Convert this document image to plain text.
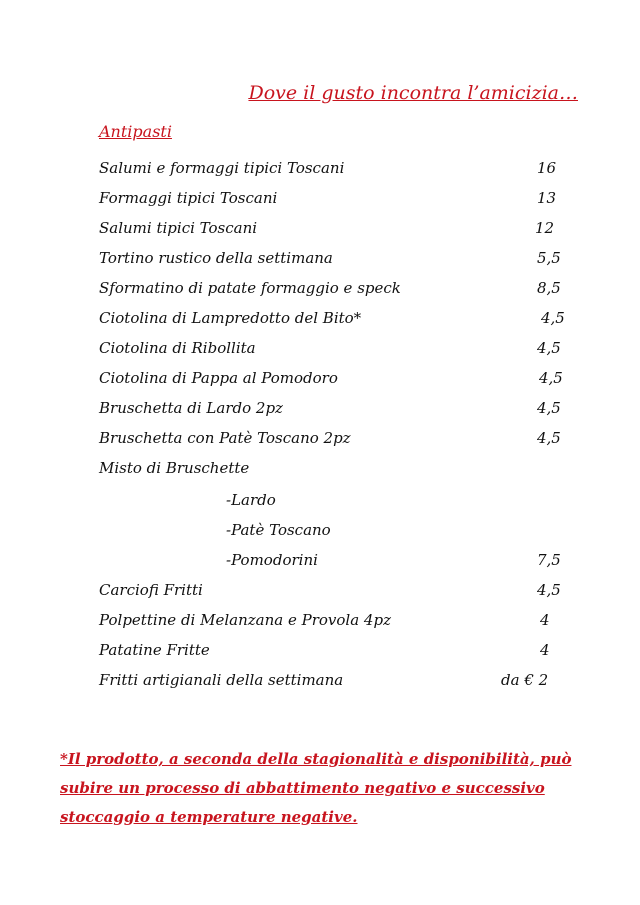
Dove il gusto incontra l’amicizia…
Antipasti
Salumi e formaggi tipici Toscani	16
Formaggi tipici Toscani	13
Salumi tipici Toscani	12
Tortino rustico della settimana	5,5
Sformatino di patate formaggio e speck	8,5
Ciotolina di Lampredotto del Bito*	4,5
Ciotolina di Ribollita	4,5
Ciotolina di Pappa al Pomodoro	4,5
Bruschetta di Lardo 2pz	4,5
Bruschetta con Patè Toscano 2pz	4,5
Misto di Bruschette
-Lardo
-Patè Toscano
-Pomodorini	7,5
Carciofi Fritti	4,5
Polpettine di Melanzana e Provola 4pz	4
Patatine Fritte	4
Fritti artigianali della settimana	da € 2
*Il prodotto, a seconda della stagionalità e disponibilità, può subire un processo di abbattimento negativo e successivo stoccaggio a temperature negative.
